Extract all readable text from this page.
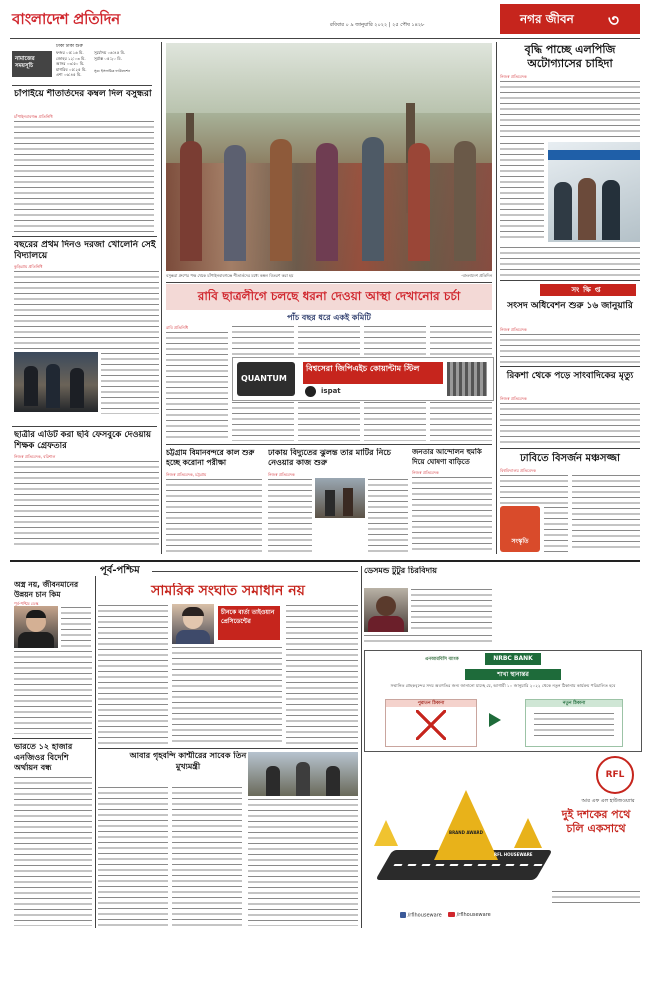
বাংলাদেশ প্রতিদিন	রবিবার ০ ৯ জানুয়ারি ২০২২ | ২৫ পৌষ ১৪২৮	নগর জীবন ৩
ঢাকা ঢাকা শুরু
নামাজের সময়সূচি
ফজর ০৫:১৬ মি.
জোহর ১২:০৩ মি.
আসর ০৩:৫০ মি.
মাগরিব ০৫:২৫ মি.
এশা ০৬:৪৫ মি.
সূর্যোদয় ০৬:৪৫ মি.
সূর্যাস্ত ০৫:২০ মি.
সূত্র: ইসলামিক ফাউন্ডেশন
চাঁপাইয়ে শীতার্তদের কম্বল দিল বসুন্ধরা
চাঁপাইনবাবগঞ্জ প্রতিনিধি
বছরের প্রথম দিনও দরজা খোলেনি সেই বিদ্যালয়ে
কুড়িগ্রাম প্রতিনিধি
ছাত্রীর এডিট করা ছবি ফেসবুকে দেওয়ায় শিক্ষক গ্রেফতার
নিজস্ব প্রতিবেদক, বরিশাল
বসুন্ধরা গ্রুপের পক্ষ থেকে চাঁপাইনবাবগঞ্জে শীতার্তদের মধ্যে কম্বল বিতরণ করা হয়	-বাংলাদেশ প্রতিদিন
বৃদ্ধি পাচ্ছে এলপিজি অটোগ্যাসের চাহিদা
নিজস্ব প্রতিবেদক
রাবি ছাত্রলীগে চলছে ধরনা দেওয়া আস্থা দেখানোর চর্চা
পাঁচ বছর ধরে একই কমিটি
রাবি প্রতিনিধি
QUANTUM
বিশ্বসেরা জিপিএইচ কোয়ান্টাম স্টিল
ispat
চট্টগ্রাম বিমানবন্দরে কাল শুরু হচ্ছে করোনা পরীক্ষা
নিজস্ব প্রতিবেদক, চট্টগ্রাম
ঢাকায় বিদ্যুতের ঝুলন্ত তার মাটির নিচে নেওয়ার কাজ শুরু
নিজস্ব প্রতিবেদক
জনতার আন্দোলন হুমকি দিয়ে ঘোষণা বাড়িতে
নিজস্ব প্রতিবেদক
সংক্ষিপ্ত
সংসদ অধিবেশন শুরু ১৬ জানুয়ারি
নিজস্ব প্রতিবেদক
রিকশা থেকে পড়ে সাংবাদিকের মৃত্যু
নিজস্ব প্রতিবেদক
ঢাবিতে বিসর্জন মঞ্চসজ্জা
বিশ্ববিদ্যালয় প্রতিবেদক
সংস্কৃতি
পূর্ব-পশ্চিম
অস্ত্র নয়, জীবনমানের উন্নয়ন চান কিম
পূর্ব-পশ্চিম ডেস্ক
ভারতে ১২ হাজার এনজিওর বিদেশি অর্থায়ন বন্ধ
সামরিক সংঘাত সমাধান নয়
চীনকে বার্তা তাইওয়ান প্রেসিডেন্টের
আবার গৃহবন্দি কাশ্মীরের সাবেক তিন মুখ্যমন্ত্রী
ডেসমন্ড টুটুর চিরবিদায়
এনআরবিসি ব্যাংক	NRBC BANK
শাখা স্থানান্তর
সম্মানিত গ্রাহকবৃন্দের সদয় অবগতির জন্য জানানো যাচ্ছে যে, আগামী ১০ জানুয়ারি ২০২২ থেকে নতুন ঠিকানায় কার্যক্রম পরিচালিত হবে
পুরাতন ঠিকানা	নতুন ঠিকানা
RFL
আর এফ এল হাউজওয়্যার
দুই দশকের পথে চলি একসাথে
BRAND AWARD
RFL HOUSEWARE
/rflhouseware	/rflhouseware
